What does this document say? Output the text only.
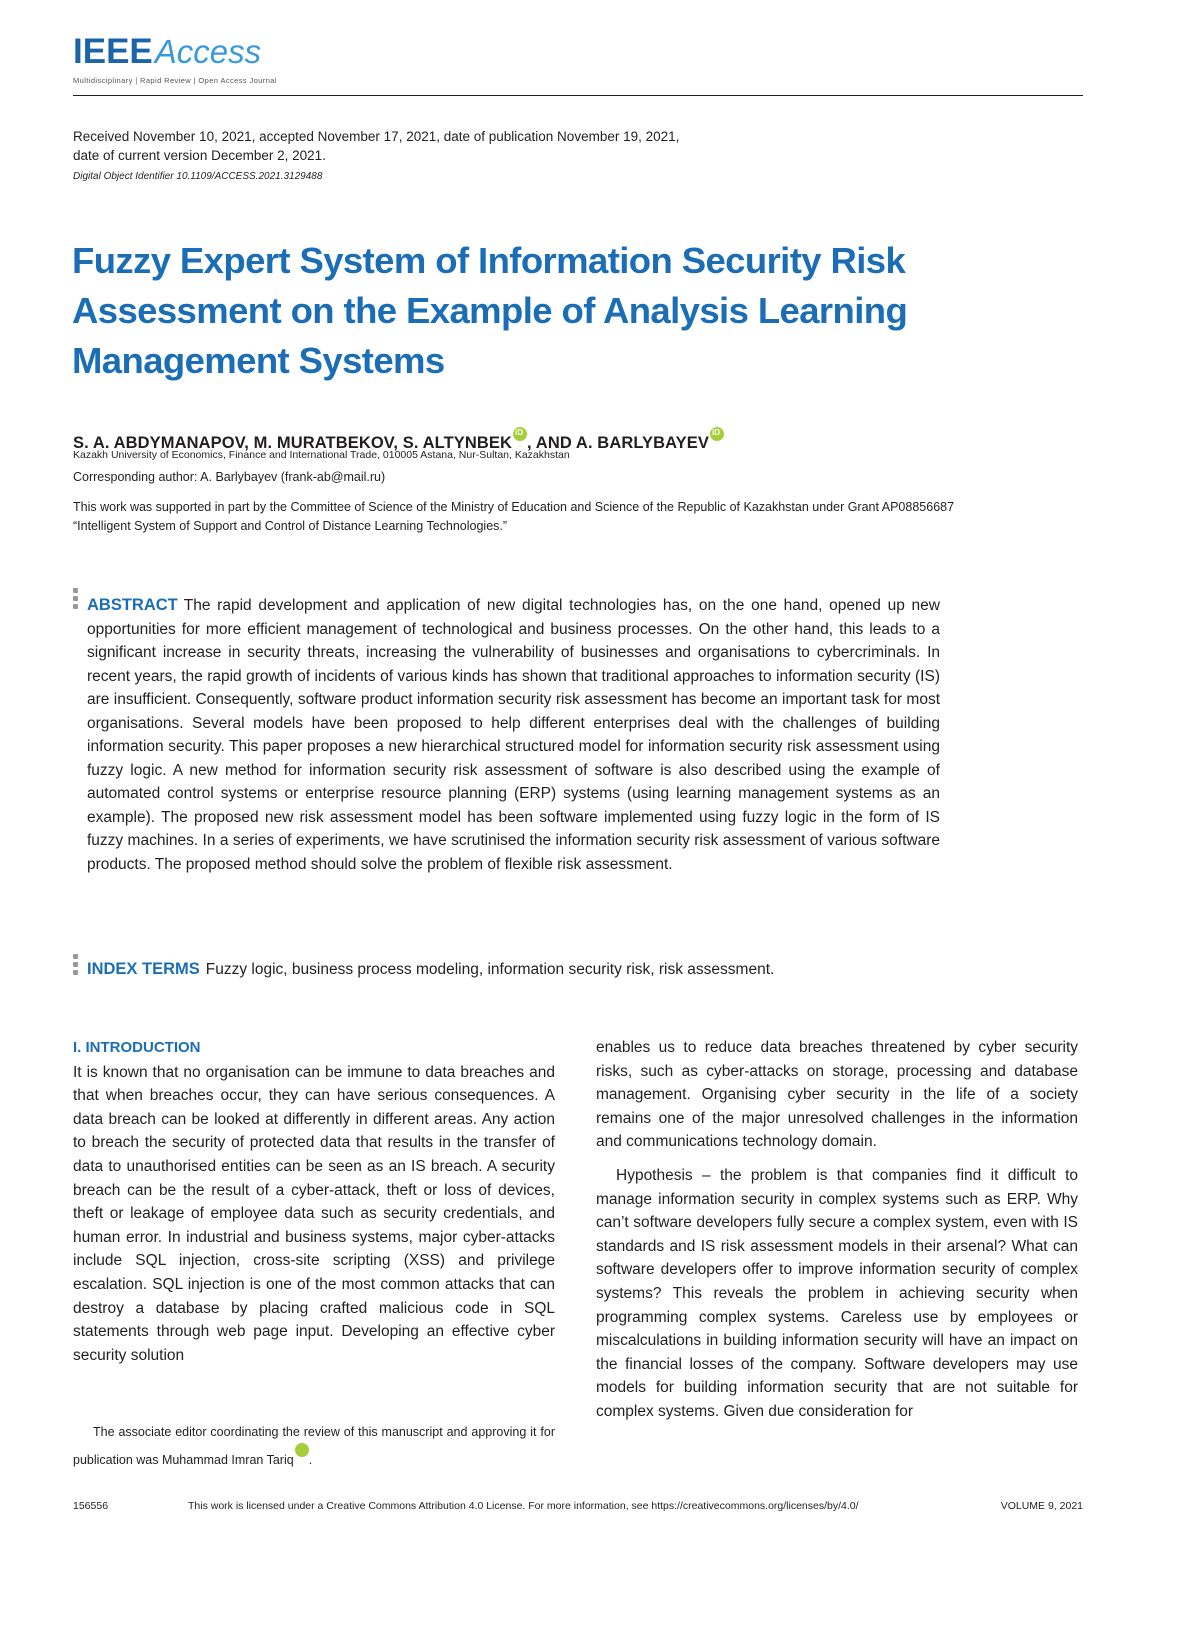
IEEEAccess
Multidisciplinary | Rapid Review | Open Access Journal
Received November 10, 2021, accepted November 17, 2021, date of publication November 19, 2021,
date of current version December 2, 2021.
Digital Object Identifier 10.1109/ACCESS.2021.3129488
Fuzzy Expert System of Information Security Risk Assessment on the Example of Analysis Learning Management Systems
S. A. ABDYMANAPOV, M. MURATBEKOV, S. ALTYNBEKiD , AND A. BARLYBAYEViD
Kazakh University of Economics, Finance and International Trade, 010005 Astana, Nur-Sultan, Kazakhstan
Corresponding author: A. Barlybayev (frank-ab@mail.ru)
This work was supported in part by the Committee of Science of the Ministry of Education and Science of the Republic of Kazakhstan under Grant AP08856687 “Intelligent System of Support and Control of Distance Learning Technologies.”
ABSTRACT The rapid development and application of new digital technologies has, on the one hand, opened up new opportunities for more efficient management of technological and business processes. On the other hand, this leads to a significant increase in security threats, increasing the vulnerability of businesses and organisations to cybercriminals. In recent years, the rapid growth of incidents of various kinds has shown that traditional approaches to information security (IS) are insufficient. Consequently, software product information security risk assessment has become an important task for most organisations. Several models have been proposed to help different enterprises deal with the challenges of building information security. This paper proposes a new hierarchical structured model for information security risk assessment using fuzzy logic. A new method for information security risk assessment of software is also described using the example of automated control systems or enterprise resource planning (ERP) systems (using learning management systems as an example). The proposed new risk assessment model has been software implemented using fuzzy logic in the form of IS fuzzy machines. In a series of experiments, we have scrutinised the information security risk assessment of various software products. The proposed method should solve the problem of flexible risk assessment.
INDEX TERMS Fuzzy logic, business process modeling, information security risk, risk assessment.
I. INTRODUCTION

It is known that no organisation can be immune to data breaches and that when breaches occur, they can have serious consequences. A data breach can be looked at differently in different areas. Any action to breach the security of protected data that results in the transfer of data to unauthorised entities can be seen as an IS breach. A security breach can be the result of a cyber-attack, theft or loss of devices, theft or leakage of employee data such as security credentials, and human error. In industrial and business systems, major cyber-attacks include SQL injection, cross-site scripting (XSS) and privilege escalation. SQL injection is one of the most common attacks that can destroy a database by placing crafted malicious code in SQL statements through web page input. Developing an effective cyber security solution

enables us to reduce data breaches threatened by cyber security risks, such as cyber-attacks on storage, processing and database management. Organising cyber security in the life of a society remains one of the major unresolved challenges in the information and communications technology domain.

Hypothesis – the problem is that companies find it difficult to manage information security in complex systems such as ERP. Why can’t software developers fully secure a complex system, even with IS standards and IS risk assessment models in their arsenal? What can software developers offer to improve information security of complex systems? This reveals the problem in achieving security when programming complex systems. Careless use by employees or miscalculations in building information security will have an impact on the financial losses of the company. Software developers may use models for building information security that are not suitable for complex systems. Given due consideration for

The associate editor coordinating the review of this manuscript and approving it for publication was Muhammad Imran TariqiD

156556	This work is licensed under a Creative Commons Attribution 4.0 License. For more information, see https://creativecommons.org/licenses/by/4.0/	VOLUME 9, 2021
